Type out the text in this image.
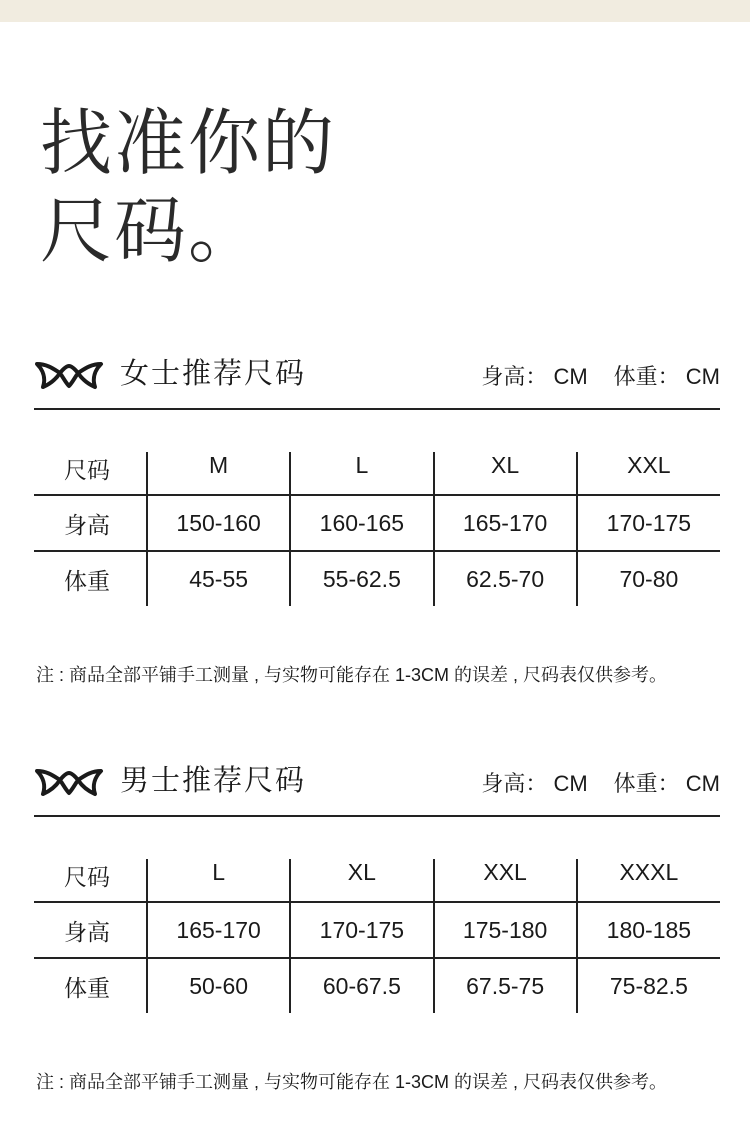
找准你的
尺码。
女士推荐尺码	身高： CM 体重： CM
尺码	M	L	XL	XXL
身高	150-160	160-165	165-170	170-175
体重	45-55	55-62.5	62.5-70	70-80
注 : 商品全部平铺手工测量 , 与实物可能存在 1-3CM 的误差 , 尺码表仅供参考。
男士推荐尺码	身高： CM 体重： CM
尺码	L	XL	XXL	XXXL
身高	165-170	170-175	175-180	180-185
体重	50-60	60-67.5	67.5-75	75-82.5
注 : 商品全部平铺手工测量 , 与实物可能存在 1-3CM 的误差 , 尺码表仅供参考。
